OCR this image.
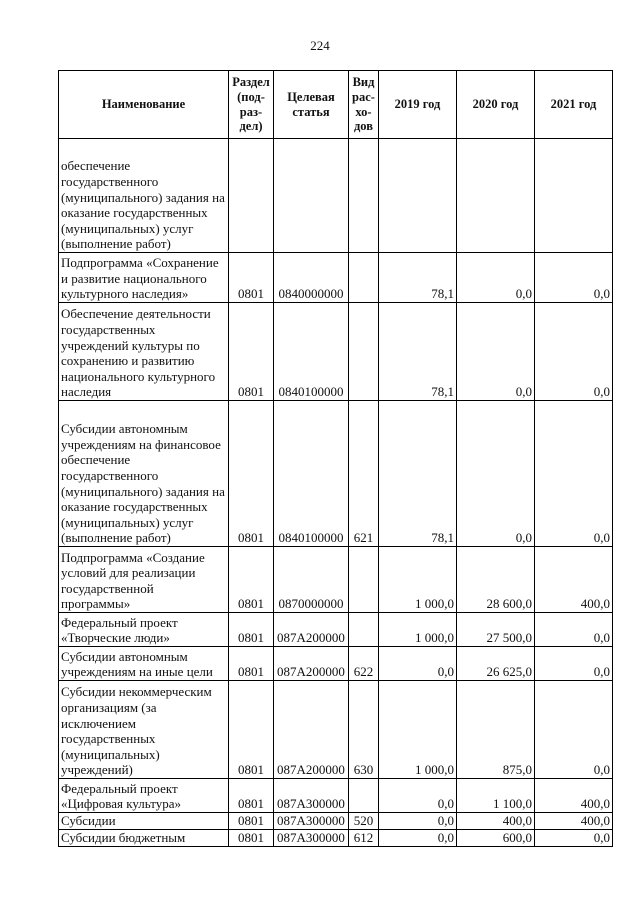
224
Наименование	Раздел (под-раз-дел)	Целевая статья	Вид рас-хо-дов	2019 год	2020 год	2021 год
обеспечение государственного (муниципального) задания на оказание государственных (муниципальных) услуг (выполнение работ)						
Подпрограмма «Сохранение и развитие национального культурного наследия»	0801	0840000000		78,1	0,0	0,0
Обеспечение деятельности государственных учреждений культуры по сохранению и развитию национального культурного наследия	0801	0840100000		78,1	0,0	0,0
Субсидии автономным учреждениям на финансовое обеспечение государственного (муниципального) задания на оказание государственных (муниципальных) услуг (выполнение работ)	0801	0840100000	621	78,1	0,0	0,0
Подпрограмма «Создание условий для реализации государственной программы»	0801	0870000000		1 000,0	28 600,0	400,0
Федеральный проект «Творческие люди»	0801	087A200000		1 000,0	27 500,0	0,0
Субсидии автономным учреждениям на иные цели	0801	087A200000	622	0,0	26 625,0	0,0
Субсидии некоммерческим организациям (за исключением государственных (муниципальных) учреждений)	0801	087A200000	630	1 000,0	875,0	0,0
Федеральный проект «Цифровая культура»	0801	087A300000		0,0	1 100,0	400,0
Субсидии	0801	087A300000	520	0,0	400,0	400,0
Субсидии бюджетным	0801	087A300000	612	0,0	600,0	0,0
